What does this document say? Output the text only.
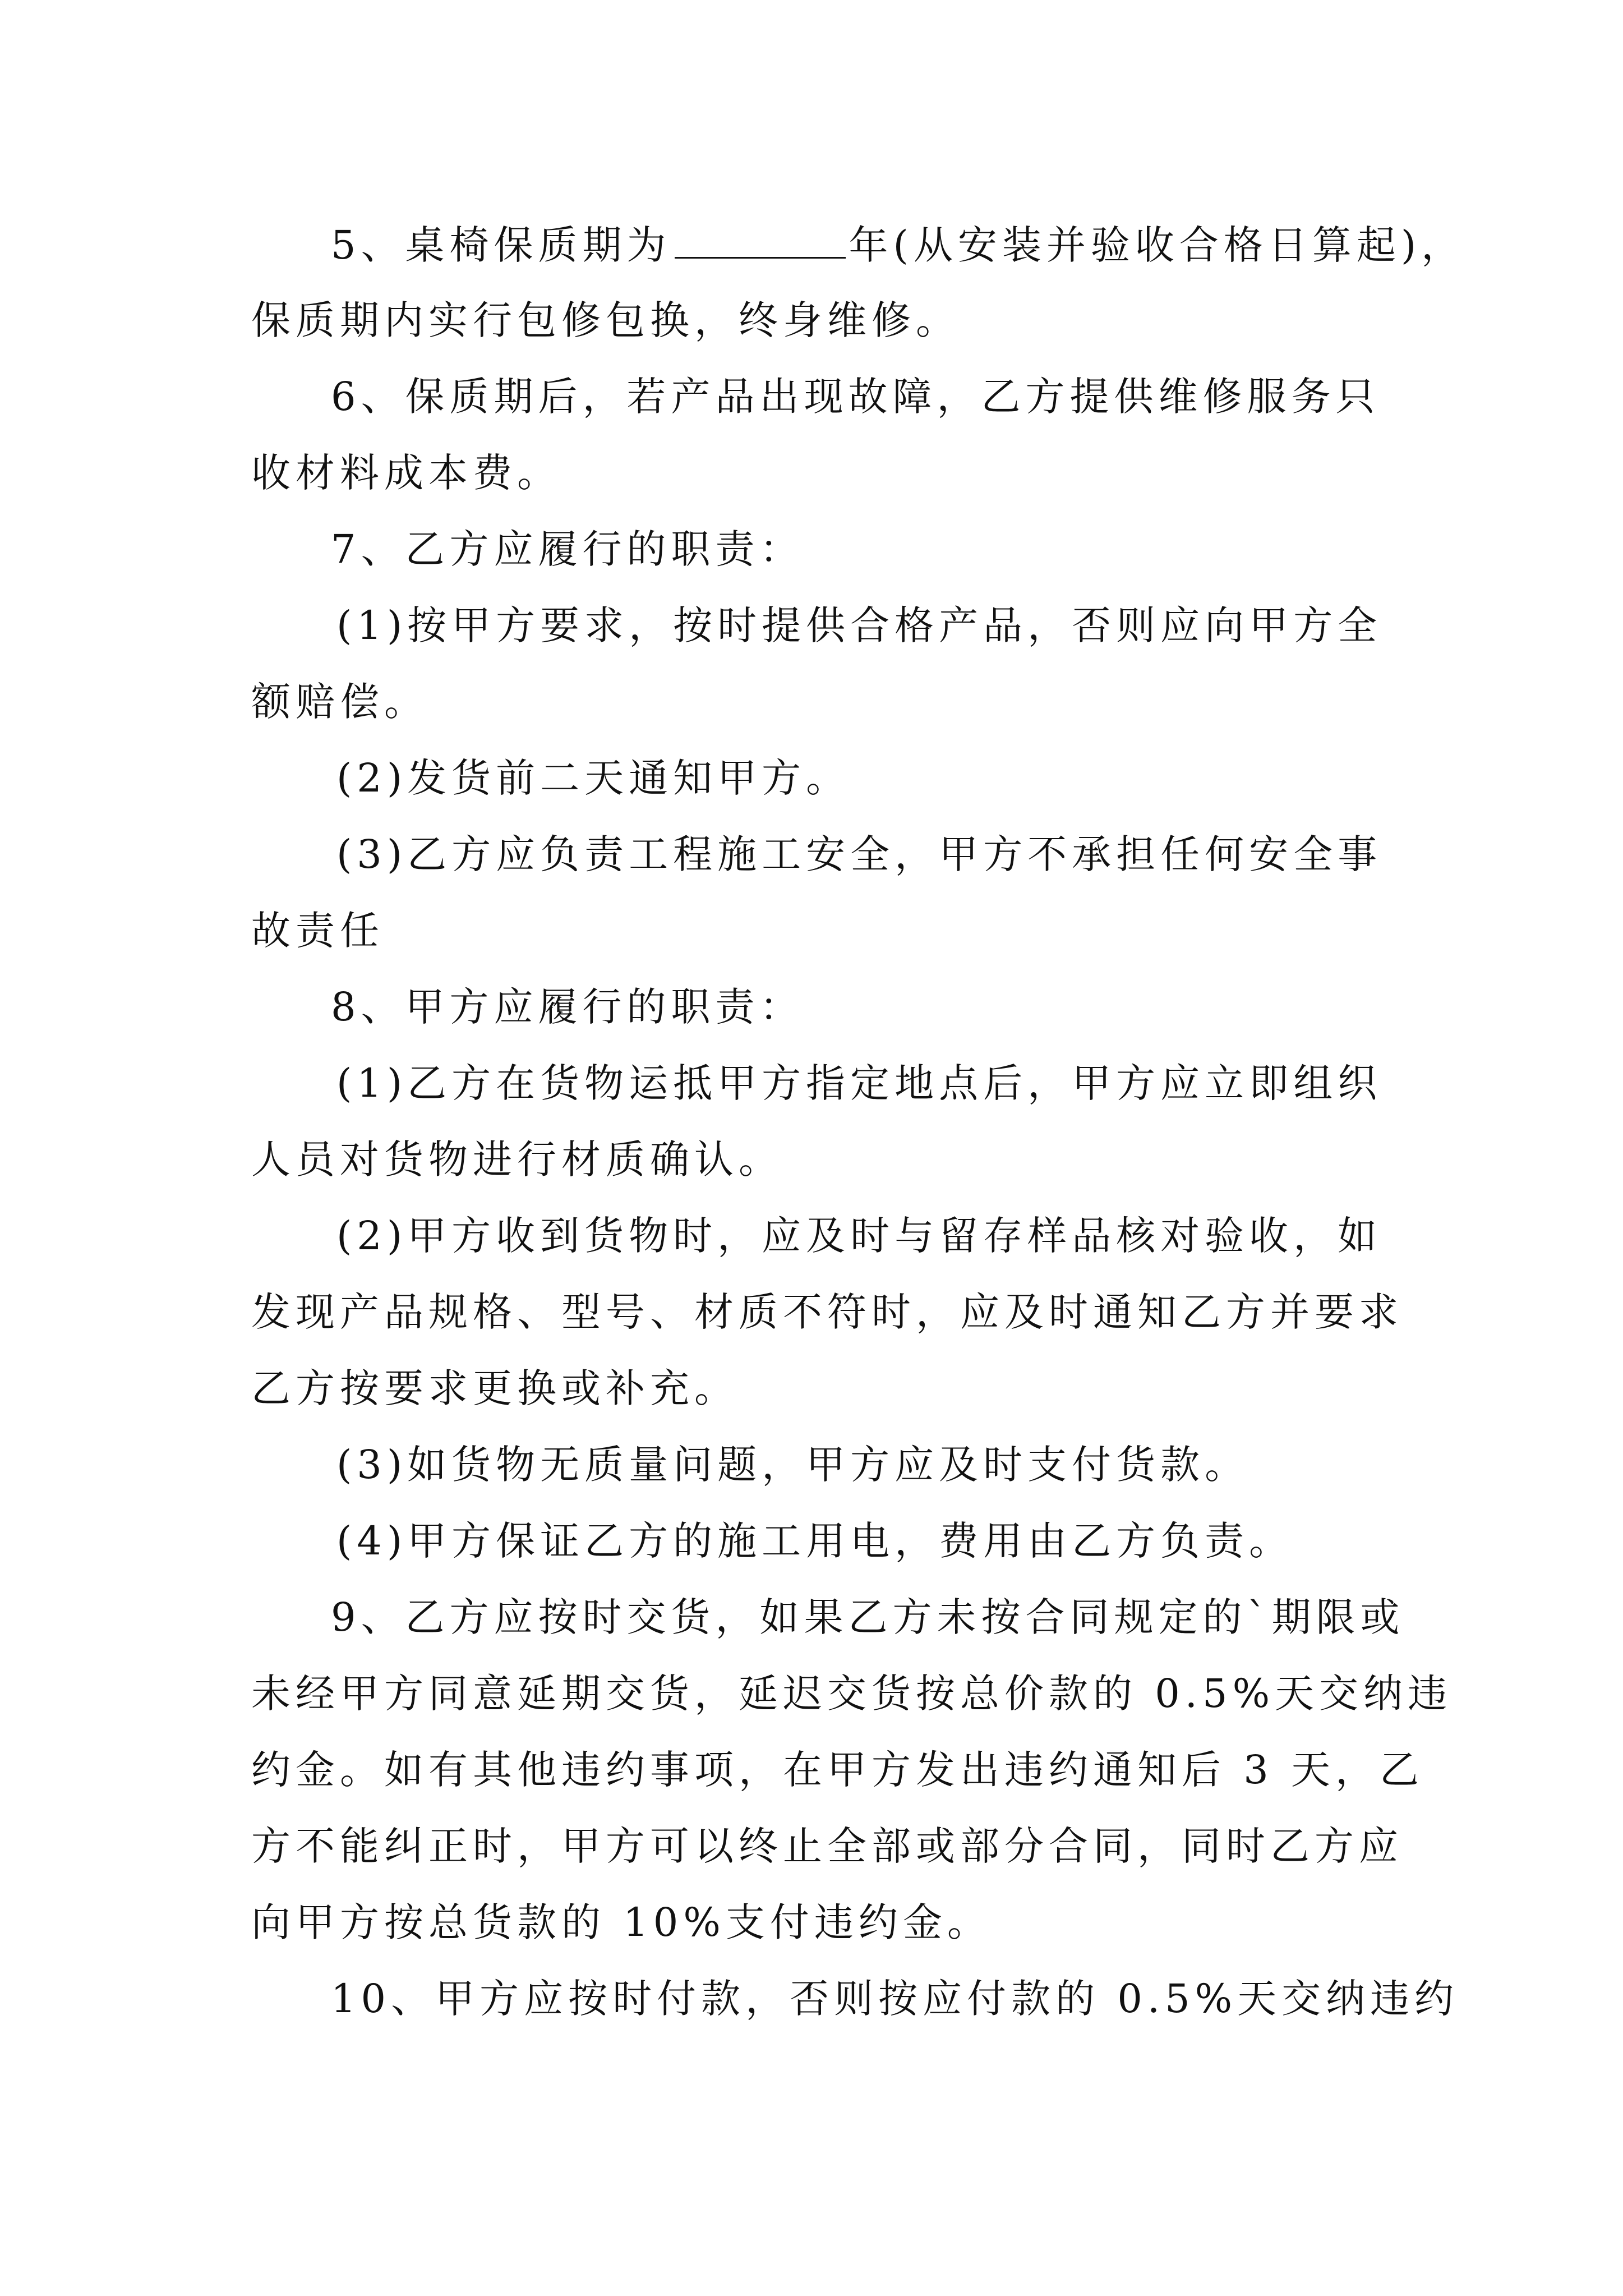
5、桌椅保质期为	年(从安装并验收合格日算起)，
保质期内实行包修包换，终身维修。
6、保质期后，若产品出现故障，乙方提供维修服务只
收材料成本费。
7、乙方应履行的职责：
(1)按甲方要求，按时提供合格产品，否则应向甲方全
额赔偿。
(2)发货前二天通知甲方。
(3)乙方应负责工程施工安全，甲方不承担任何安全事
故责任
8、甲方应履行的职责：
(1)乙方在货物运抵甲方指定地点后，甲方应立即组织
人员对货物进行材质确认。
(2)甲方收到货物时，应及时与留存样品核对验收，如
发现产品规格、型号、材质不符时，应及时通知乙方并要求
乙方按要求更换或补充。
(3)如货物无质量问题，甲方应及时支付货款。
(4)甲方保证乙方的施工用电，费用由乙方负责。
9、乙方应按时交货，如果乙方未按合同规定的`期限或
未经甲方同意延期交货，延迟交货按总价款的 0.5%天交纳违
约金。如有其他违约事项，在甲方发出违约通知后 3 天，乙
方不能纠正时，甲方可以终止全部或部分合同，同时乙方应
向甲方按总货款的 10%支付违约金。
10、甲方应按时付款，否则按应付款的 0.5%天交纳违约
